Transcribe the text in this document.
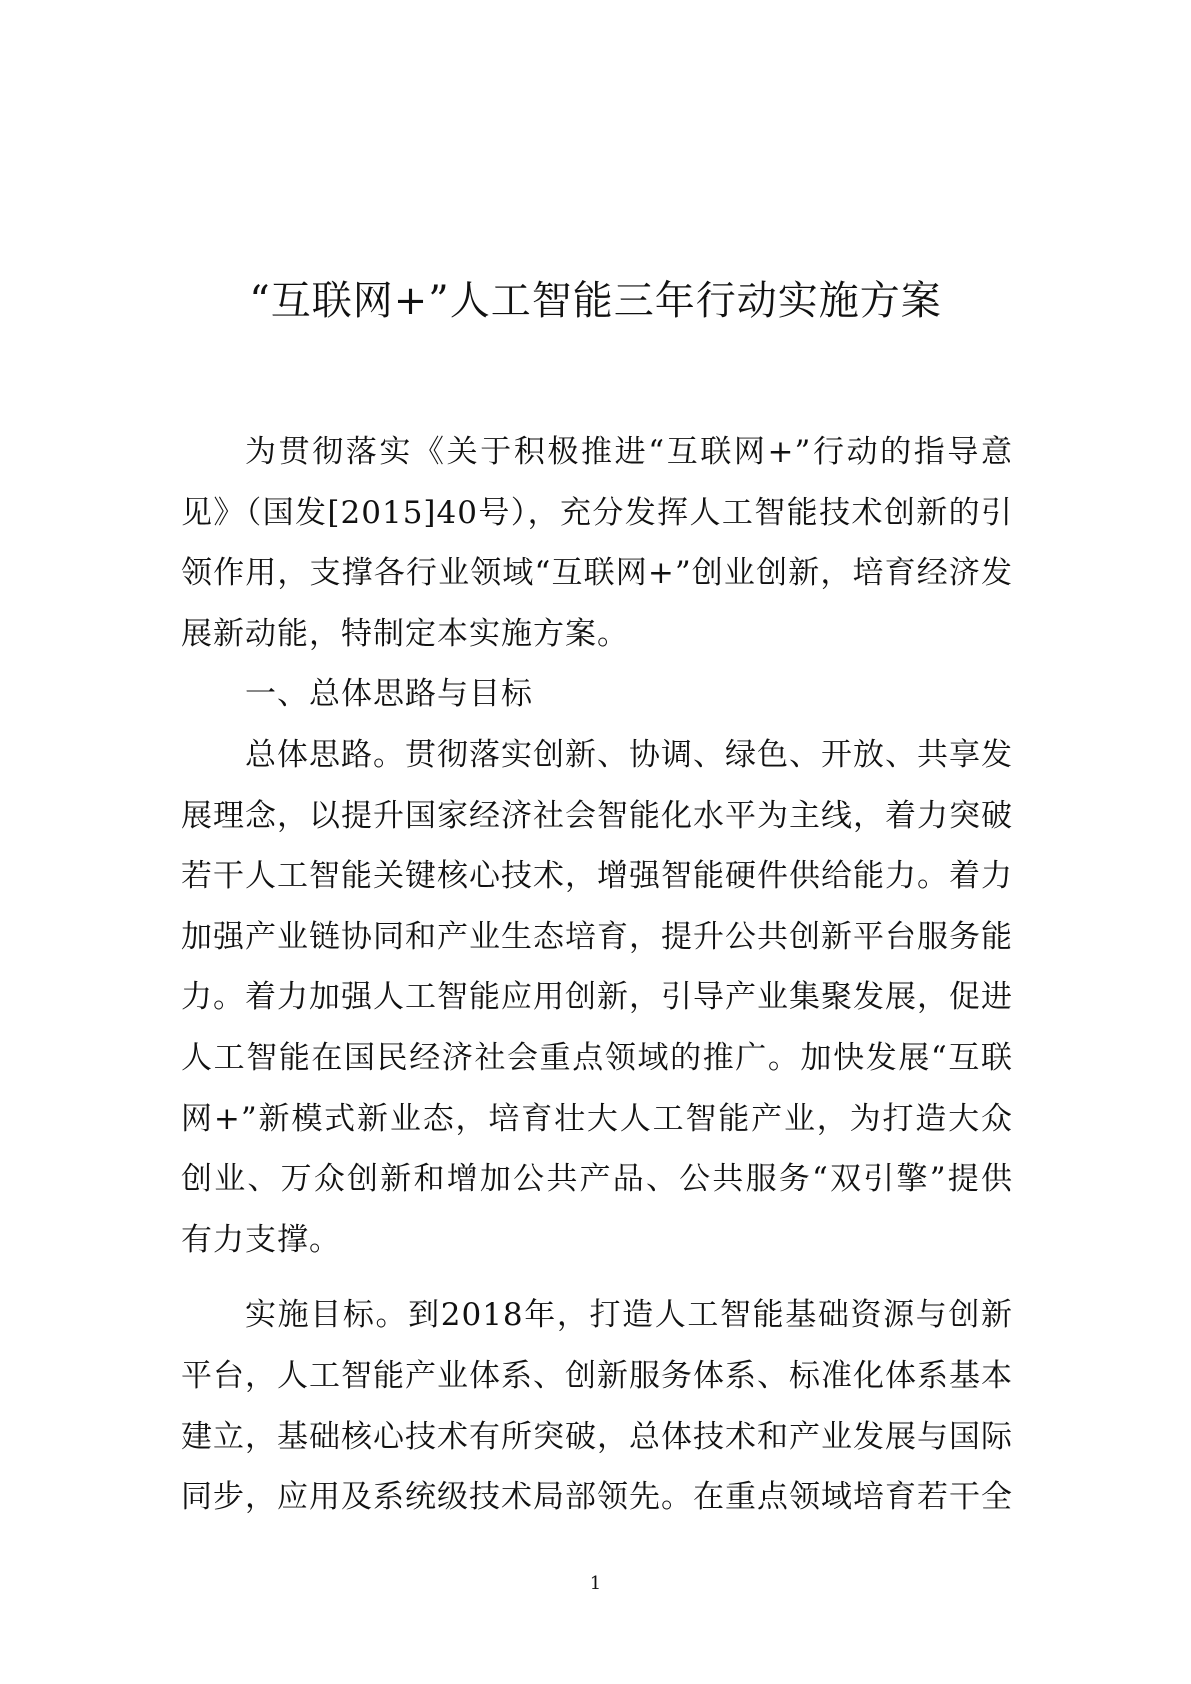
“互联网+”人工智能三年行动实施方案

为贯彻落实《关于积极推进“互联网+”行动的指导意见》（国发[2015]40号），充分发挥人工智能技术创新的引领作用，支撑各行业领域“互联网+”创业创新，培育经济发展新动能，特制定本实施方案。

一、总体思路与目标

总体思路。贯彻落实创新、协调、绿色、开放、共享发展理念，以提升国家经济社会智能化水平为主线，着力突破若干人工智能关键核心技术，增强智能硬件供给能力。着力加强产业链协同和产业生态培育，提升公共创新平台服务能力。着力加强人工智能应用创新，引导产业集聚发展，促进人工智能在国民经济社会重点领域的推广。加快发展“互联网+”新模式新业态，培育壮大人工智能产业，为打造大众创业、万众创新和增加公共产品、公共服务“双引擎”提供有力支撑。

实施目标。到2018年，打造人工智能基础资源与创新平台，人工智能产业体系、创新服务体系、标准化体系基本建立，基础核心技术有所突破，总体技术和产业发展与国际同步，应用及系统级技术局部领先。在重点领域培育若干全

1
